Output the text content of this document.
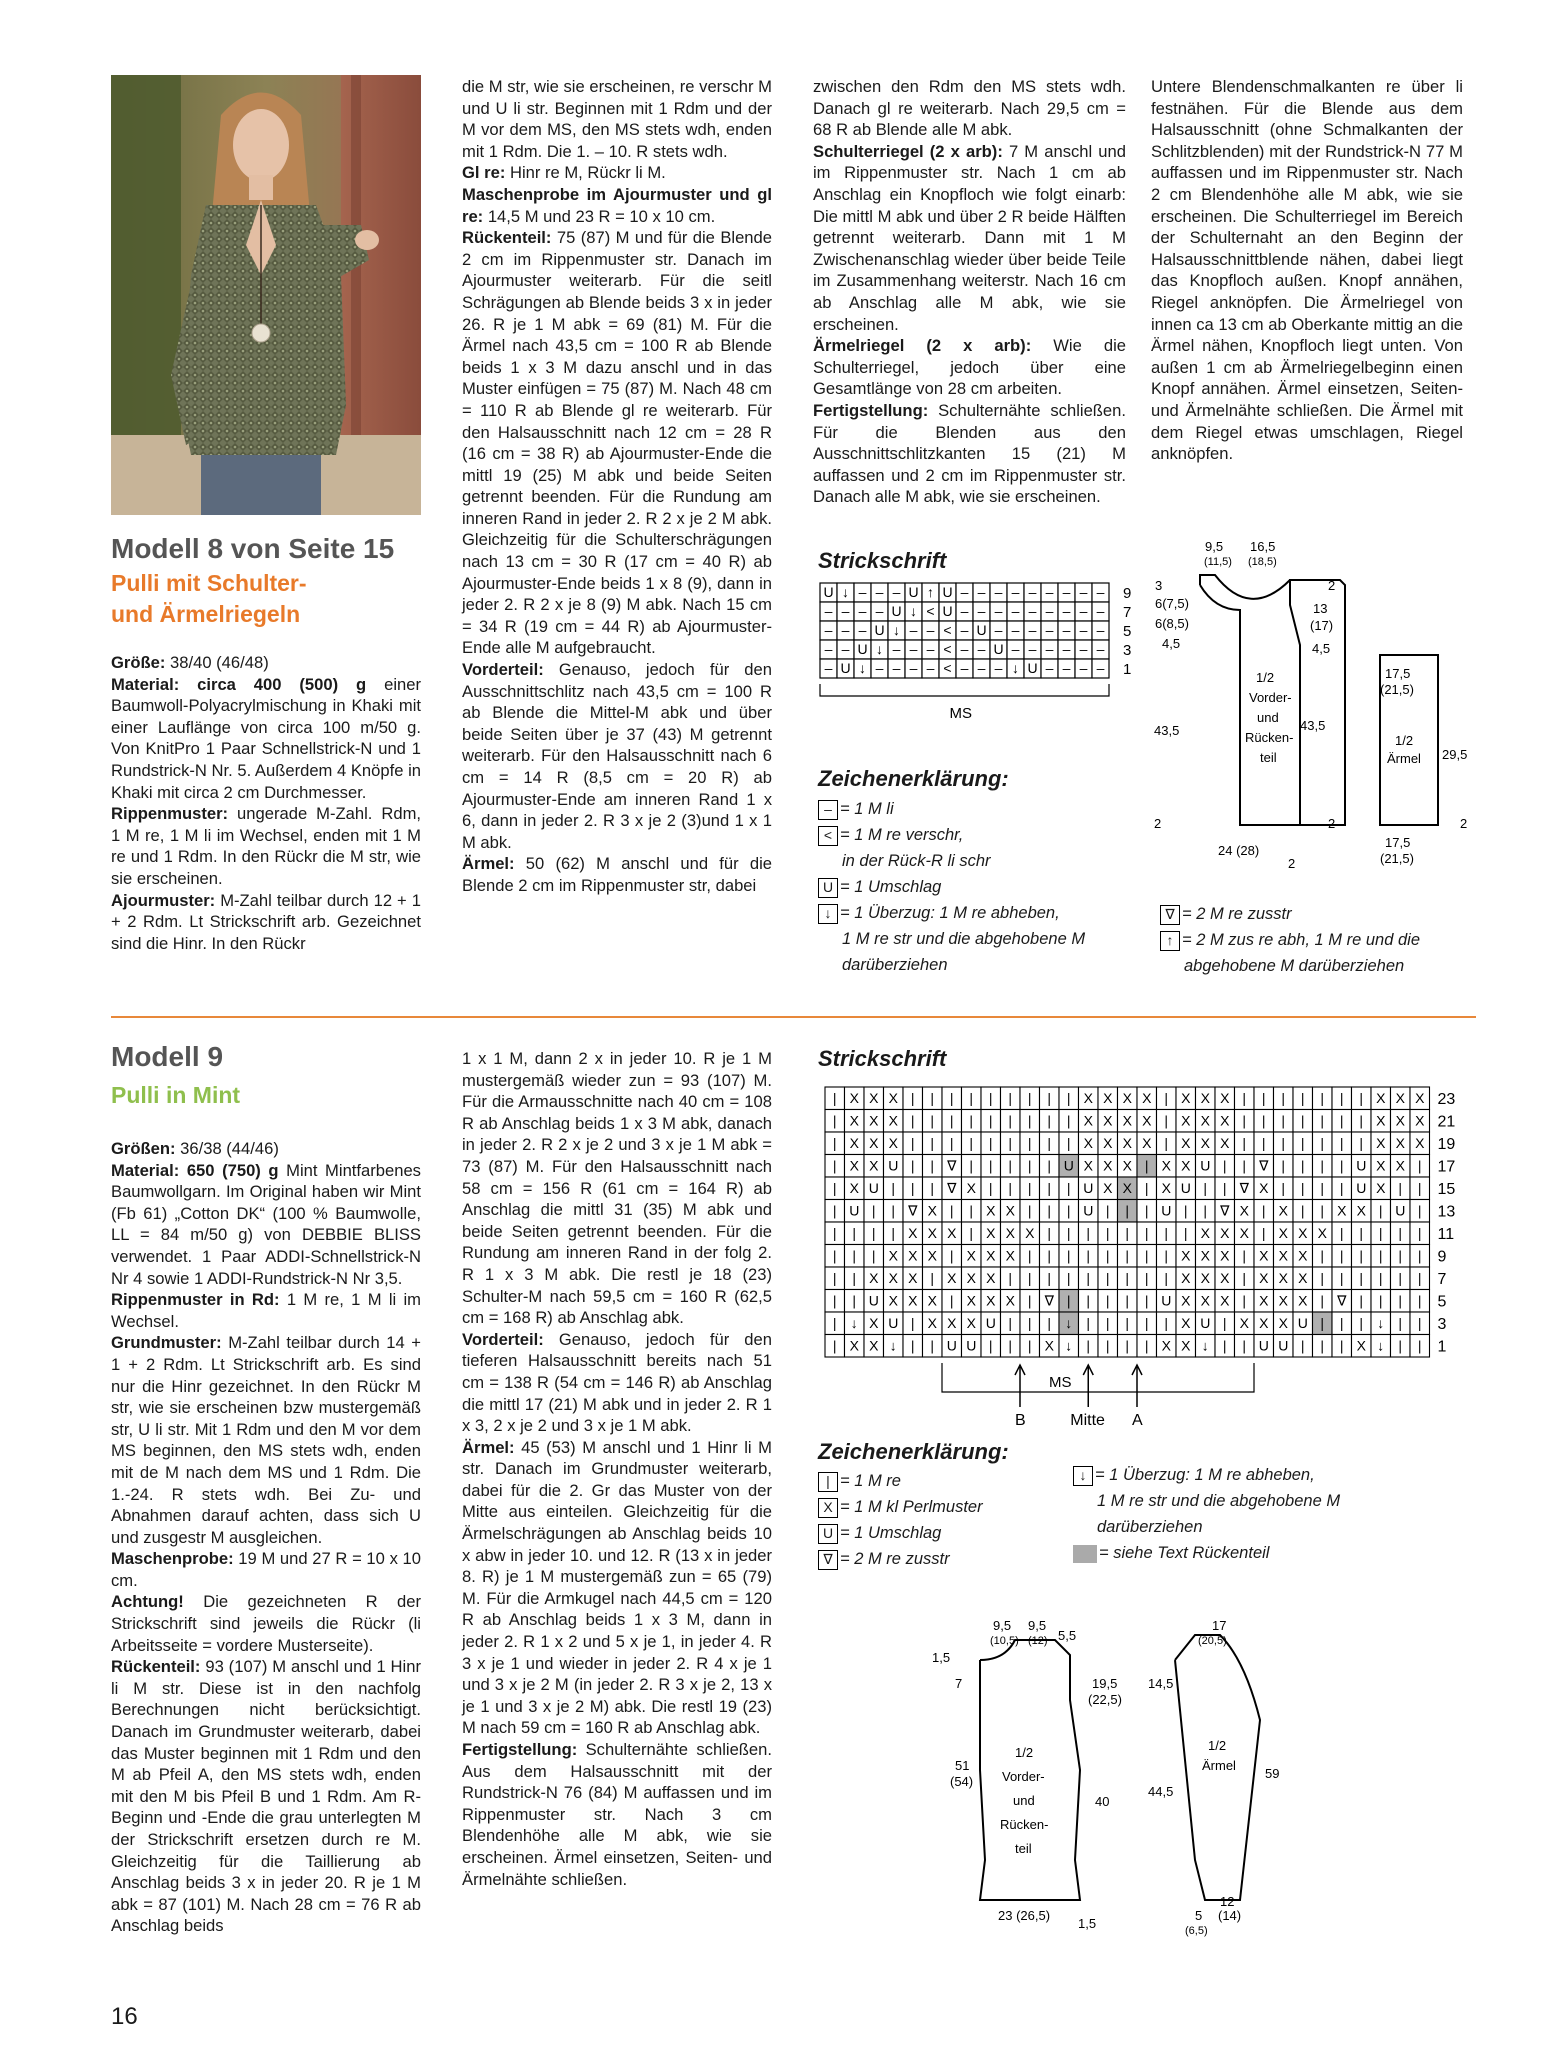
Modell 8 von Seite 15
Pulli mit Schulter-
und Ärmelriegeln

Größe: 38/40 (46/48)

Material: circa 400 (500) g einer Baumwoll-Polyacrylmischung in Khaki mit einer Lauflänge von circa 100 m/50 g. Von KnitPro 1 Paar Schnellstrick-N und 1 Rundstrick-N Nr. 5. Außerdem 4 Knöpfe in Khaki mit circa 2 cm Durchmesser.

Rippenmuster: ungerade M-Zahl. Rdm, 1 M re, 1 M li im Wechsel, enden mit 1 M re und 1 Rdm. In den Rückr die M str, wie sie erscheinen.

Ajourmuster: M-Zahl teilbar durch 12 + 1 + 2 Rdm. Lt Strickschrift arb. Gezeichnet sind die Hinr. In den Rückr

die M str, wie sie erscheinen, re verschr M und U li str. Beginnen mit 1 Rdm und der M vor dem MS, den MS stets wdh, enden mit 1 Rdm. Die 1. – 10. R stets wdh.

Gl re: Hinr re M, Rückr li M.

Maschenprobe im Ajourmuster und gl re: 14,5 M und 23 R = 10 x 10 cm.

Rückenteil: 75 (87) M und für die Blende 2 cm im Rippenmuster str. Danach im Ajourmuster weiterarb. Für die seitl Schrägungen ab Blende beids 3 x in jeder 26. R je 1 M abk = 69 (81) M. Für die Ärmel nach 43,5 cm = 100 R ab Blende beids 1 x 3 M dazu anschl und in das Muster einfügen = 75 (87) M. Nach 48 cm = 110 R ab Blende gl re weiterarb. Für den Halsausschnitt nach 12 cm = 28 R (16 cm = 38 R) ab Ajourmuster-Ende die mittl 19 (25) M abk und beide Seiten getrennt beenden. Für die Rundung am inneren Rand in jeder 2. R 2 x je 2 M abk. Gleichzeitig für die Schulterschrägungen nach 13 cm = 30 R (17 cm = 40 R) ab Ajourmuster-Ende beids 1 x 8 (9), dann in jeder 2. R 2 x je 8 (9) M abk. Nach 15 cm = 34 R (19 cm = 44 R) ab Ajourmuster-Ende alle M aufgebraucht.

Vorderteil: Genauso, jedoch für den Ausschnittschlitz nach 43,5 cm = 100 R ab Blende die Mittel-M abk und über beide Seiten über je 37 (43) M getrennt weiterarb. Für den Halsausschnitt nach 6 cm = 14 R (8,5 cm = 20 R) ab Ajourmuster-Ende am inneren Rand 1 x 6, dann in jeder 2. R 3 x je 2 (3)und 1 x 1 M abk.

Ärmel: 50 (62) M anschl und für die Blende 2 cm im Rippenmuster str, dabei

zwischen den Rdm den MS stets wdh. Danach gl re weiterarb. Nach 29,5 cm = 68 R ab Blende alle M abk.

Schulterriegel (2 x arb): 7 M anschl und im Rippenmuster str. Nach 1 cm ab Anschlag ein Knopfloch wie folgt einarb: Die mittl M abk und über 2 R beide Hälften getrennt weiterarb. Dann mit 1 M Zwischenanschlag wieder über beide Teile im Zusammenhang weiterstr. Nach 16 cm ab Anschlag alle M abk, wie sie erscheinen.

Ärmelriegel (2 x arb): Wie die Schulterriegel, jedoch über eine Gesamtlänge von 28 cm arbeiten.

Fertigstellung: Schulternähte schließen. Für die Blenden aus den Ausschnittschlitzkanten 15 (21) M auffassen und 2 cm im Rippenmuster str. Danach alle M abk, wie sie erscheinen.

Untere Blendenschmalkanten re über li festnähen. Für die Blende aus dem Halsausschnitt (ohne Schmalkanten der Schlitzblenden) mit der Rundstrick-N 77 M auffassen und im Rippenmuster str. Nach 2 cm Blendenhöhe alle M abk, wie sie erscheinen. Die Schulterriegel im Bereich der Schulternaht an den Beginn der Halsausschnittblende nähen, dabei liegt das Knopfloch außen. Knopf annähen, Riegel anknöpfen. Die Ärmelriegel von innen ca 13 cm ab Oberkante mittig an die Ärmel nähen, Knopfloch liegt unten. Von außen 1 cm ab Ärmelriegelbeginn einen Knopf annähen. Ärmel einsetzen, Seiten- und Ärmelnähte schließen. Die Ärmel mit dem Riegel etwas umschlagen, Riegel anknöpfen.

Strickschrift
U ↓ – – – U ↑ U – – – – – – – – – 9
– – – – U ↓ < U – – – – – – – – – 7
– – – U ↓ – – < – U – – – – – – – 5
– – U ↓ – – – < – – U – – – – – – 3
– U ↓ – – – – < – – – ↓ U – – – – 1
MS
Zeichenerklärung:
– = 1 M li
< = 1 M re verschr,
in der Rück-R li schr
U = 1 Umschlag
↓ = 1 Überzug: 1 M re abheben,
1 M re str und die abgehobene M
darüberziehen
∇ = 2 M re zusstr
↑ = 2 M zus re abh, 1 M re und die
abgehobene M darüberziehen
9,5
(11,5)
16,5
(18,5)
3
6(7,5)
6(8,5)
4,5
2
13
(17)
4,5
43,5	43,5
1/2
Vorder-
und
Rücken-
teil
2	2
24 (28)
2
17,5
(21,5)
1/2
Ärmel 29,5
17,5
(21,5)
2
Modell 9
Pulli in Mint

Größen: 36/38 (44/46)

Material: 650 (750) g Mint Mintfarbenes Baumwollgarn. Im Original haben wir Mint (Fb 61) „Cotton DK“ (100 % Baumwolle, LL = 84 m/50 g) von DEBBIE BLISS verwendet. 1 Paar ADDI-Schnellstrick-N Nr 4 sowie 1 ADDI-Rundstrick-N Nr 3,5.

Rippenmuster in Rd: 1 M re, 1 M li im Wechsel.

Grundmuster: M-Zahl teilbar durch 14 + 1 + 2 Rdm. Lt Strickschrift arb. Es sind nur die Hinr gezeichnet. In den Rückr M str, wie sie erscheinen bzw mustergemäß str, U li str. Mit 1 Rdm und den M vor dem MS beginnen, den MS stets wdh, enden mit de M nach dem MS und 1 Rdm. Die 1.-24. R stets wdh. Bei Zu- und Abnahmen darauf achten, dass sich U und zusgestr M ausgleichen.

Maschenprobe: 19 M und 27 R = 10 x 10 cm.

Achtung! Die gezeichneten R der Strickschrift sind jeweils die Rückr (li Arbeitsseite = vordere Musterseite).

Rückenteil: 93 (107) M anschl und 1 Hinr li M str. Diese ist in den nachfolg Berechnungen nicht berücksichtigt. Danach im Grundmuster weiterarb, dabei das Muster beginnen mit 1 Rdm und den M ab Pfeil A, den MS stets wdh, enden mit den M bis Pfeil B und 1 Rdm. Am R-Beginn und -Ende die grau unterlegten M der Strickschrift ersetzen durch re M. Gleichzeitig für die Taillierung ab Anschlag beids 3 x in jeder 20. R je 1 M abk = 87 (101) M. Nach 28 cm = 76 R ab Anschlag beids

1 x 1 M, dann 2 x in jeder 10. R je 1 M mustergemäß wieder zun = 93 (107) M. Für die Armausschnitte nach 40 cm = 108 R ab Anschlag beids 1 x 3 M abk, danach in jeder 2. R 2 x je 2 und 3 x je 1 M abk = 73 (87) M. Für den Halsausschnitt nach 58 cm = 156 R (61 cm = 164 R) ab Anschlag die mittl 31 (35) M abk und beide Seiten getrennt beenden. Für die Rundung am inneren Rand in der folg 2. R 1 x 3 M abk. Die restl je 18 (23) Schulter-M nach 59,5 cm = 160 R (62,5 cm = 168 R) ab Anschlag abk.

Vorderteil: Genauso, jedoch für den tieferen Halsausschnitt bereits nach 51 cm = 138 R (54 cm = 146 R) ab Anschlag die mittl 17 (21) M abk und in jeder 2. R 1 x 3, 2 x je 2 und 3 x je 1 M abk.

Ärmel: 45 (53) M anschl und 1 Hinr li M str. Danach im Grundmuster weiterarb, dabei für die 2. Gr das Muster von der Mitte aus einteilen. Gleichzeitig für die Ärmelschrägungen ab Anschlag beids 10 x abw in jeder 10. und 12. R (13 x in jeder 8. R) je 1 M mustergemäß zun = 65 (79) M. Für die Armkugel nach 44,5 cm = 120 R ab Anschlag beids 1 x 3 M, dann in jeder 2. R 1 x 2 und 5 x je 1, in jeder 4. R 3 x je 1 und wieder in jeder 2. R 4 x je 1 und 3 x je 2 M (in jeder 2. R 3 x je 2, 13 x je 1 und 3 x je 2 M) abk. Die restl 19 (23) M nach 59 cm = 160 R ab Anschlag abk.

Fertigstellung: Schulternähte schließen. Aus dem Halsausschnitt mit der Rundstrick-N 76 (84) M auffassen und im Rippenmuster str. Nach 3 cm Blendenhöhe alle M abk, wie sie erscheinen. Ärmel einsetzen, Seiten- und Ärmelnähte schließen.

Strickschrift
| X X X | | | | | | | | | X X X X | X X X | | | | | | | X X X 23
| X X X | | | | | | | | | X X X X | X X X | | | | | | | X X X 21
| X X X | | | | | | | | | X X X X | X X X | | | | | | | X X X 19
| X X U | | ∇ | | | | | U X X X | X X U | | ∇ | | | | U X X | 17
| X U | | | ∇ X | | | | | U X X | X U | | ∇ X | | | | U X | | 15
| U | | ∇ X | | X X | | | U | | | U | | ∇ X | X | | X X | U | 13
| | | | X X X | X X X | | | | | | | | X X X | X X X | | | | | 11
| | | X X X | X X X | | | | | | | | X X X | X X X | | | | | | 9
| | X X X | X X X | | | | | | | | | X X X | X X X | | | | | | 7
| | U X X X | X X X | ∇ | | | | | U X X X | X X X | ∇ | | | | 5
| ↓ X U | X X X U | | | ↓ | | | | | X U | X X X U | | | ↓ | | 3
| X X ↓ | | U U | | | X ↓ | | | | X X ↓ | | U U | | | X ↓ | | 1
MS
B	Mitte A
Zeichenerklärung:
| = 1 M re
X = 1 M kl Perlmuster
U = 1 Umschlag
∇ = 2 M re zusstr
↓ = 1 Überzug: 1 M re abheben,
1 M re str und die abgehobene M
darüberziehen
= siehe Text Rückenteil
9,5
(10,5)
9,5
(12) 5,5
1,5
7
51
(54)
19,5
(22,5)
40
1/2
Vorder-
und
Rücken-
teil
23 (26,5)
1,5
17
(20,5)
14,5
44,5
59
1/2
Ärmel
5
(6,5)
12
(14)
16
